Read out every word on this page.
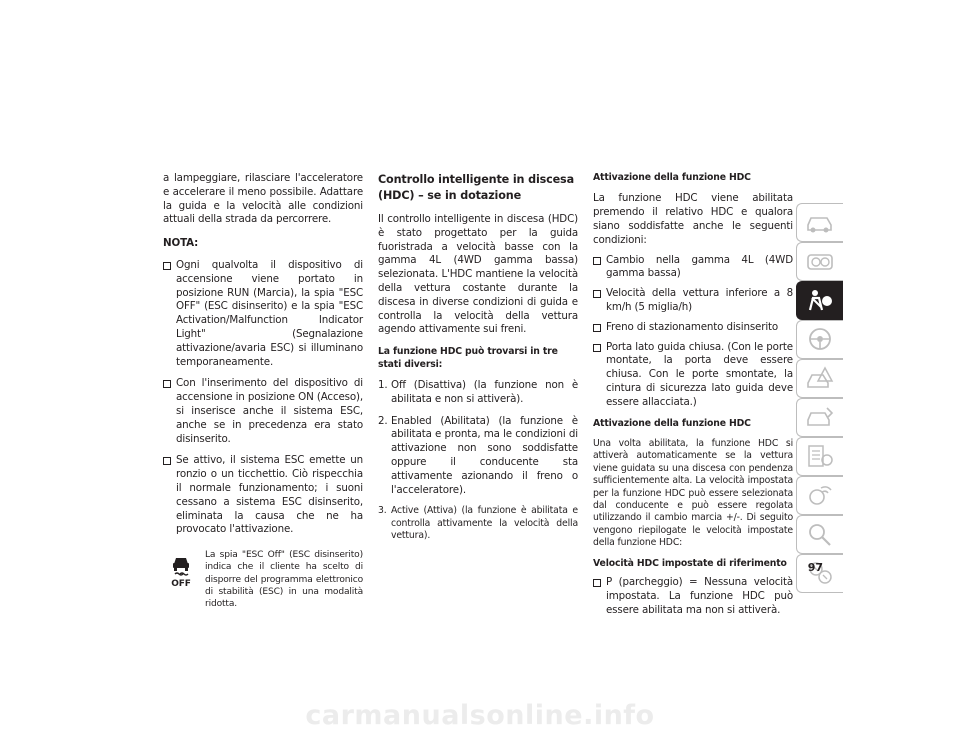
a lampeggiare, rilasciare l'acceleratore e accelerare il meno possibile. Adattare la guida e la velocità alle condizioni attuali della strada da percorrere.

NOTA:

Ogni qualvolta il dispositivo di accensione viene portato in posizione RUN (Marcia), la spia "ESC OFF" (ESC disinserito) e la spia "ESC Activation/Malfunction Indicator Light" (Segnalazione attivazione/avaria ESC) si illuminano temporaneamente.

Con l'inserimento del dispositivo di accensione in posizione ON (Acceso), si inserisce anche il sistema ESC, anche se in precedenza era stato disinserito.

Se attivo, il sistema ESC emette un ronzio o un ticchettio. Ciò rispecchia il normale funzionamento; i suoni cessano a sistema ESC disinserito, eliminata la causa che ne ha provocato l'attivazione.

OFF
La spia "ESC Off" (ESC disinserito) indica che il cliente ha scelto di disporre del programma elettronico di stabilità (ESC) in una modalità ridotta.

Controllo intelligente in discesa (HDC) – se in dotazione

Il controllo intelligente in discesa (HDC) è stato progettato per la guida fuoristrada a velocità basse con la gamma 4L (4WD gamma bassa) selezionata. L'HDC mantiene la velocità della vettura costante durante la discesa in diverse condizioni di guida e controlla la velocità della vettura agendo attivamente sui freni.

La funzione HDC può trovarsi in tre stati diversi:

1. Off (Disattiva) (la funzione non è abilitata e non si attiverà).

2. Enabled (Abilitata) (la funzione è abilitata e pronta, ma le condizioni di attivazione non sono soddisfatte oppure il conducente sta attivamente azionando il freno o l'acceleratore).

3. Active (Attiva) (la funzione è abilitata e controlla attivamente la velocità della vettura).

Attivazione della funzione HDC

La funzione HDC viene abilitata premendo il relativo HDC e qualora siano soddisfatte anche le seguenti condizioni:

Cambio nella gamma 4L (4WD gamma bassa)

Velocità della vettura inferiore a 8 km/h (5 miglia/h)

Freno di stazionamento disinserito

Porta lato guida chiusa. (Con le porte montate, la porta deve essere chiusa. Con le porte smontate, la cintura di sicurezza lato guida deve essere allacciata.)

Attivazione della funzione HDC

Una volta abilitata, la funzione HDC si attiverà automaticamente se la vettura viene guidata su una discesa con pendenza sufficientemente alta. La velocità impostata per la funzione HDC può essere selezionata dal conducente e può essere regolata utilizzando il cambio marcia +/-. Di seguito vengono riepilogate le velocità impostate della funzione HDC:

Velocità HDC impostate di riferimento

P (parcheggio) = Nessuna velocità impostata. La funzione HDC può essere abilitata ma non si attiverà.

97
carmanualsonline.info
